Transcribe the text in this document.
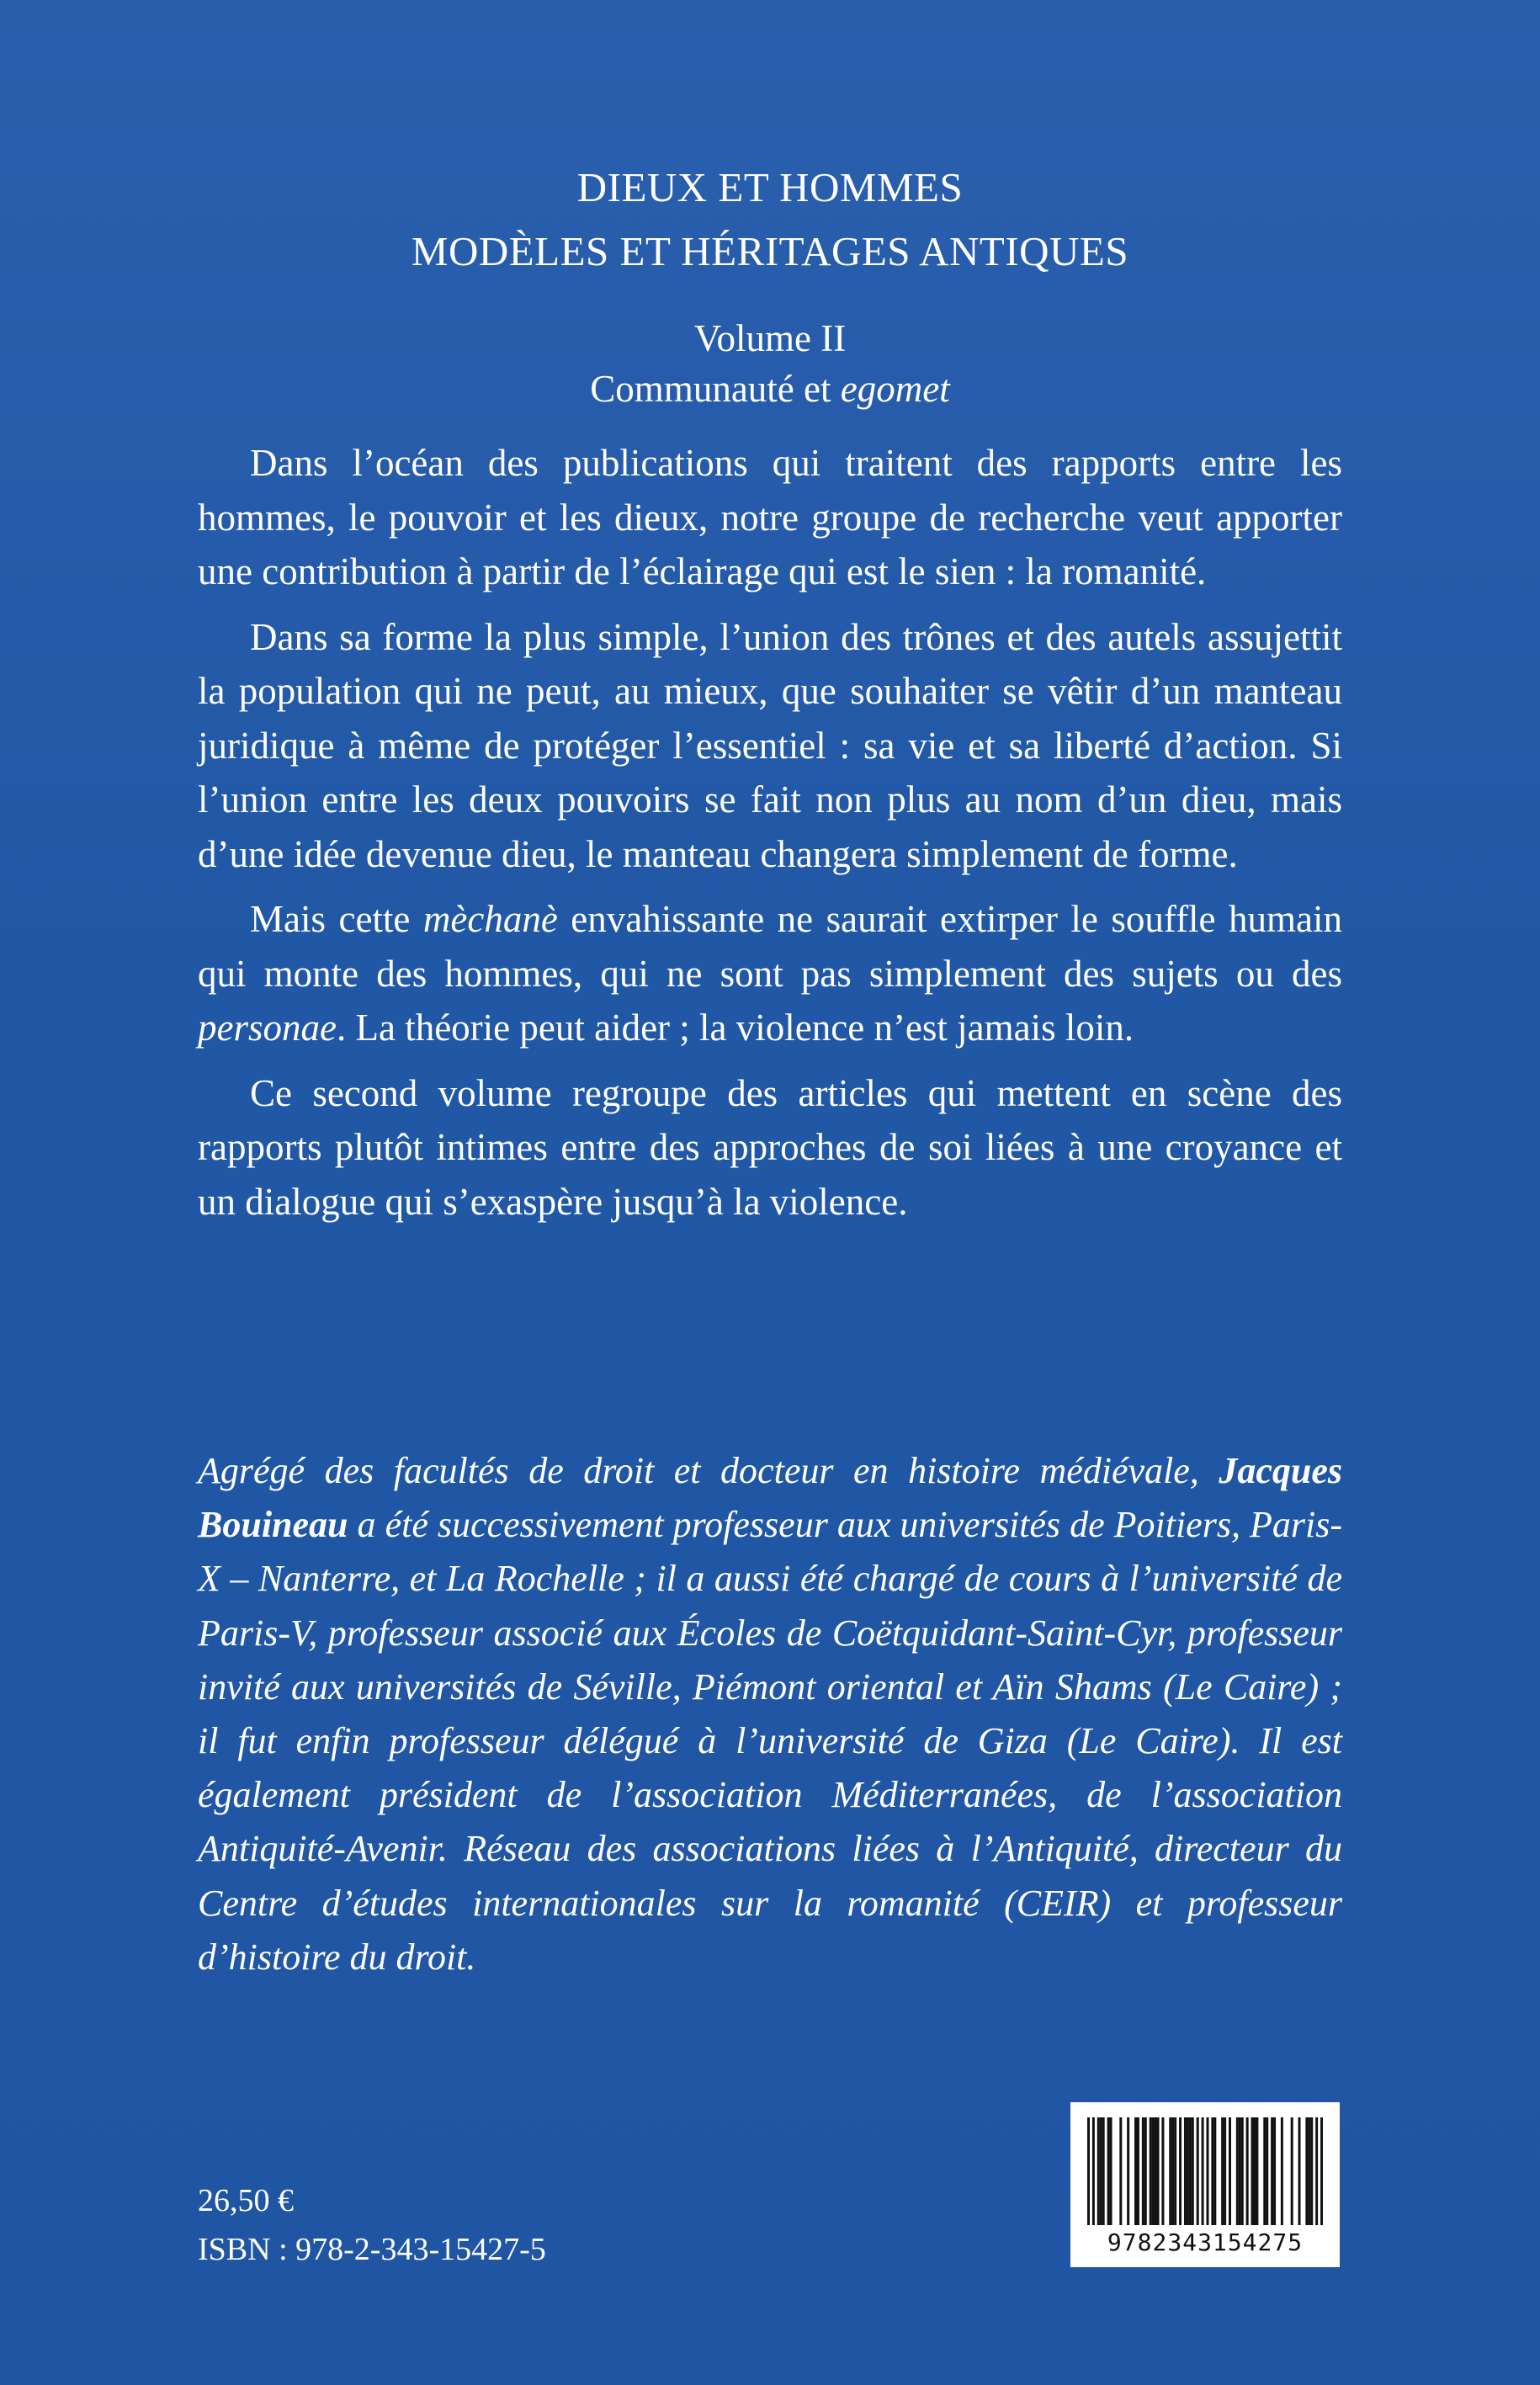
DIEUX ET HOMMES
MODÈLES ET HÉRITAGES ANTIQUES
Volume II
Communauté et egomet

Dans l’océan des publications qui traitent des rapports entre les hommes, le pouvoir et les dieux, notre groupe de recherche veut apporter une contribution à partir de l’éclairage qui est le sien : la romanité.

Dans sa forme la plus simple, l’union des trônes et des autels assujettit la population qui ne peut, au mieux, que souhaiter se vêtir d’un manteau juridique à même de protéger l’essentiel : sa vie et sa liberté d’action. Si l’union entre les deux pouvoirs se fait non plus au nom d’un dieu, mais d’une idée devenue dieu, le manteau changera simplement de forme.

Mais cette mèchanè envahissante ne saurait extirper le souffle humain qui monte des hommes, qui ne sont pas simplement des sujets ou des personae. La théorie peut aider ; la violence n’est jamais loin.

Ce second volume regroupe des articles qui mettent en scène des rapports plutôt intimes entre des approches de soi liées à une croyance et un dialogue qui s’exaspère jusqu’à la violence.

Agrégé des facultés de droit et docteur en histoire médiévale, Jacques Bouineau a été successivement professeur aux universités de Poitiers, Paris-X – Nanterre, et La Rochelle ; il a aussi été chargé de cours à l’université de Paris-V, professeur associé aux Écoles de Coëtquidant-Saint-Cyr, professeur invité aux universités de Séville, Piémont oriental et Aïn Shams (Le Caire) ; il fut enfin professeur délégué à l’université de Giza (Le Caire). Il est également président de l’association Méditerranées, de l’association Antiquité-Avenir. Réseau des associations liées à l’Antiquité, directeur du Centre d’études internationales sur la romanité (CEIR) et professeur d’histoire du droit.

26,50 €
ISBN : 978-2-343-15427-5	9782343154275
